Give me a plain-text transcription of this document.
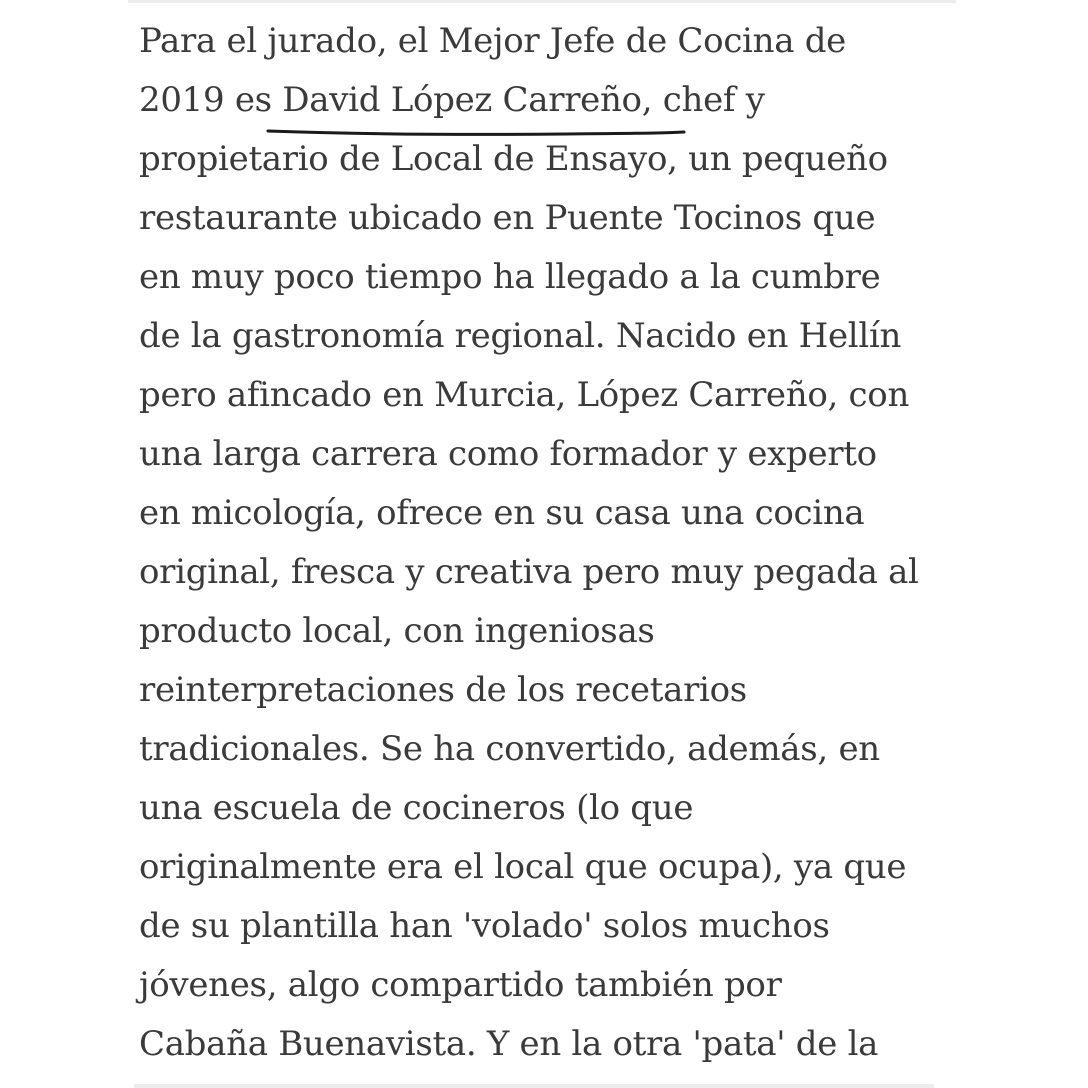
Para el jurado, el Mejor Jefe de Cocina de
2019 es David López Carreño, chef y
propietario de Local de Ensayo, un pequeño
restaurante ubicado en Puente Tocinos que
en muy poco tiempo ha llegado a la cumbre
de la gastronomía regional. Nacido en Hellín
pero afincado en Murcia, López Carreño, con
una larga carrera como formador y experto
en micología, ofrece en su casa una cocina
original, fresca y creativa pero muy pegada al
producto local, con ingeniosas
reinterpretaciones de los recetarios
tradicionales. Se ha convertido, además, en
una escuela de cocineros (lo que
originalmente era el local que ocupa), ya que
de su plantilla han 'volado' solos muchos
jóvenes, algo compartido también por
Cabaña Buenavista. Y en la otra 'pata' de la
